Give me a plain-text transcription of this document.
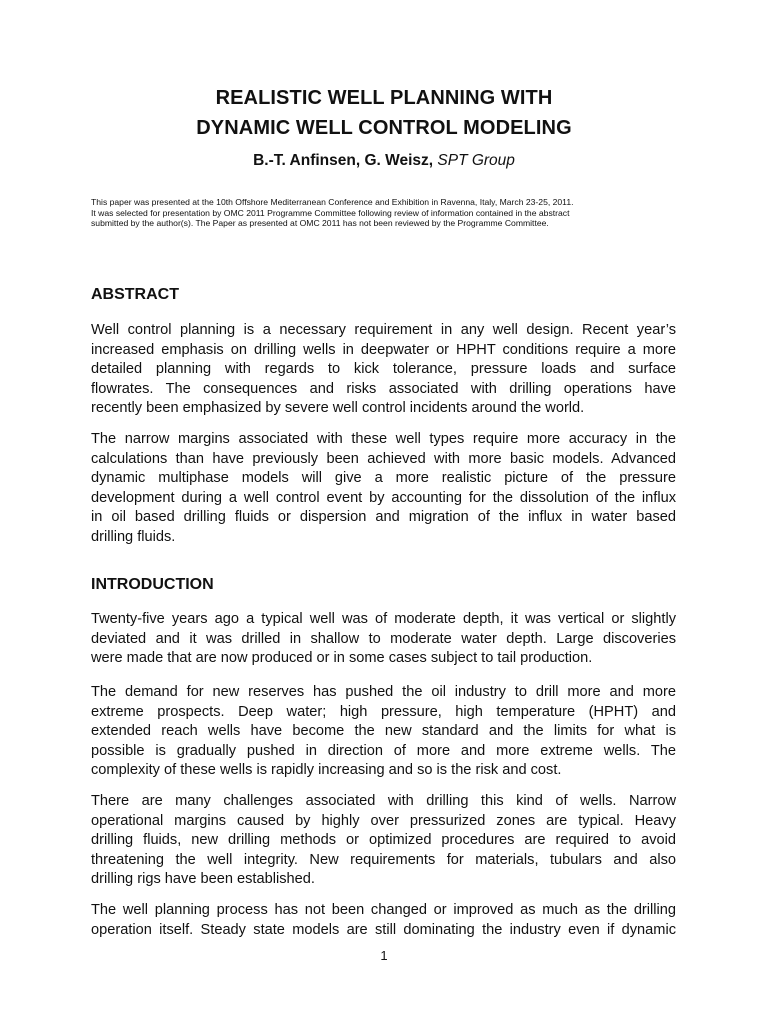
REALISTIC WELL PLANNING WITH
DYNAMIC WELL CONTROL MODELING

B.-T. Anfinsen, G. Weisz, SPT Group

This paper was presented at the 10th Offshore Mediterranean Conference and Exhibition in Ravenna, Italy, March 23-25, 2011.
It was selected for presentation by OMC 2011 Programme Committee following review of information contained in the abstract
submitted by the author(s). The Paper as presented at OMC 2011 has not been reviewed by the Programme Committee.

ABSTRACT

Well control planning is a necessary requirement in any well design. Recent year’s
increased emphasis on drilling wells in deepwater or HPHT conditions require a more
detailed planning with regards to kick tolerance, pressure loads and surface
flowrates. The consequences and risks associated with drilling operations have
recently been emphasized by severe well control incidents around the world.

The narrow margins associated with these well types require more accuracy in the
calculations than have previously been achieved with more basic models. Advanced
dynamic multiphase models will give a more realistic picture of the pressure
development during a well control event by accounting for the dissolution of the influx
in oil based drilling fluids or dispersion and migration of the influx in water based
drilling fluids.

INTRODUCTION

Twenty-five years ago a typical well was of moderate depth, it was vertical or slightly
deviated and it was drilled in shallow to moderate water depth. Large discoveries
were made that are now produced or in some cases subject to tail production.

The demand for new reserves has pushed the oil industry to drill more and more
extreme prospects. Deep water; high pressure, high temperature (HPHT) and
extended reach wells have become the new standard and the limits for what is
possible is gradually pushed in direction of more and more extreme wells. The
complexity of these wells is rapidly increasing and so is the risk and cost.

There are many challenges associated with drilling this kind of wells. Narrow
operational margins caused by highly over pressurized zones are typical. Heavy
drilling fluids, new drilling methods or optimized procedures are required to avoid
threatening the well integrity. New requirements for materials, tubulars and also
drilling rigs have been established.

The well planning process has not been changed or improved as much as the drilling
operation itself. Steady state models are still dominating the industry even if dynamic

1
